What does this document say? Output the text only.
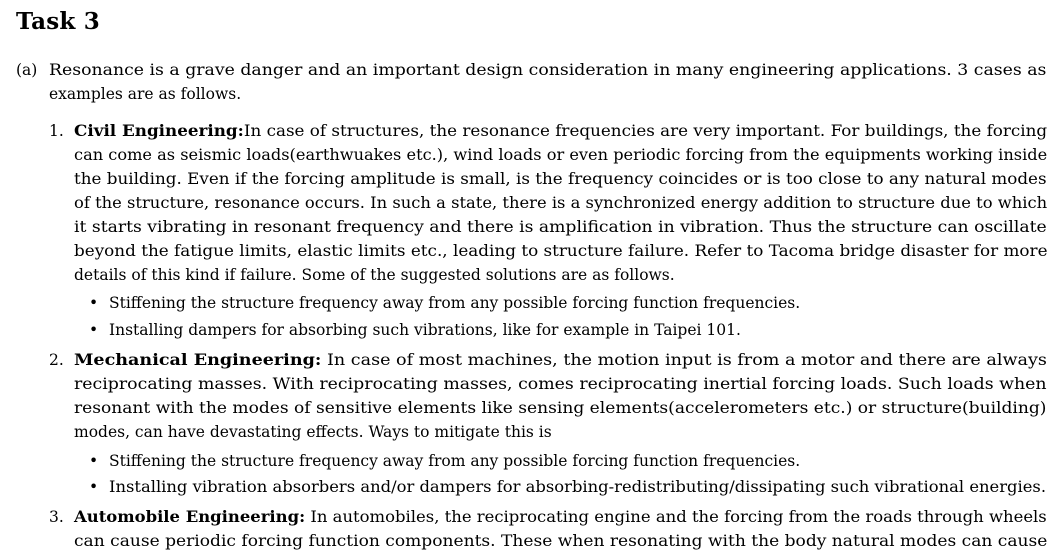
Task 3
(a) Resonance is a grave danger and an important design consideration in many engineering applications. 3 cases as
examples are as follows.
1. Civil Engineering:In case of structures, the resonance frequencies are very important. For buildings, the forcing
can come as seismic loads(earthwuakes etc.), wind loads or even periodic forcing from the equipments working inside
the building. Even if the forcing amplitude is small, is the frequency coincides or is too close to any natural modes
of the structure, resonance occurs. In such a state, there is a synchronized energy addition to structure due to which
it starts vibrating in resonant frequency and there is amplification in vibration. Thus the structure can oscillate
beyond the fatigue limits, elastic limits etc., leading to structure failure. Refer to Tacoma bridge disaster for more
details of this kind if failure. Some of the suggested solutions are as follows.
• Stiffening the structure frequency away from any possible forcing function frequencies.
• Installing dampers for absorbing such vibrations, like for example in Taipei 101.
2. Mechanical Engineering: In case of most machines, the motion input is from a motor and there are always
reciprocating masses. With reciprocating masses, comes reciprocating inertial forcing loads. Such loads when
resonant with the modes of sensitive elements like sensing elements(accelerometers etc.) or structure(building)
modes, can have devastating effects. Ways to mitigate this is
• Stiffening the structure frequency away from any possible forcing function frequencies.
• Installing vibration absorbers and/or dampers for absorbing-redistributing/dissipating such vibrational energies.
3. Automobile Engineering: In automobiles, the reciprocating engine and the forcing from the roads through wheels
can cause periodic forcing function components. These when resonating with the body natural modes can cause
